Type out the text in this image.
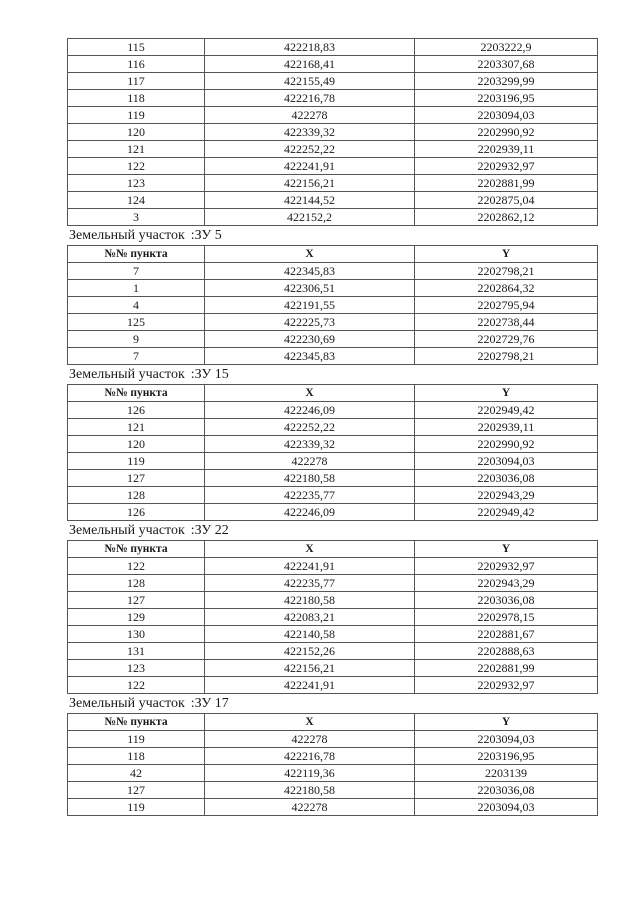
115	422218,83	2203222,9
116	422168,41	2203307,68
117	422155,49	2203299,99
118	422216,78	2203196,95
119	422278	2203094,03
120	422339,32	2202990,92
121	422252,22	2202939,11
122	422241,91	2202932,97
123	422156,21	2202881,99
124	422144,52	2202875,04
3	422152,2	2202862,12
Земельный участок :ЗУ 5
№№ пункта	X	Y
7	422345,83	2202798,21
1	422306,51	2202864,32
4	422191,55	2202795,94
125	422225,73	2202738,44
9	422230,69	2202729,76
7	422345,83	2202798,21
Земельный участок :ЗУ 15
№№ пункта	X	Y
126	422246,09	2202949,42
121	422252,22	2202939,11
120	422339,32	2202990,92
119	422278	2203094,03
127	422180,58	2203036,08
128	422235,77	2202943,29
126	422246,09	2202949,42
Земельный участок :ЗУ 22
№№ пункта	X	Y
122	422241,91	2202932,97
128	422235,77	2202943,29
127	422180,58	2203036,08
129	422083,21	2202978,15
130	422140,58	2202881,67
131	422152,26	2202888,63
123	422156,21	2202881,99
122	422241,91	2202932,97
Земельный участок :ЗУ 17
№№ пункта	X	Y
119	422278	2203094,03
118	422216,78	2203196,95
42	422119,36	2203139
127	422180,58	2203036,08
119	422278	2203094,03
